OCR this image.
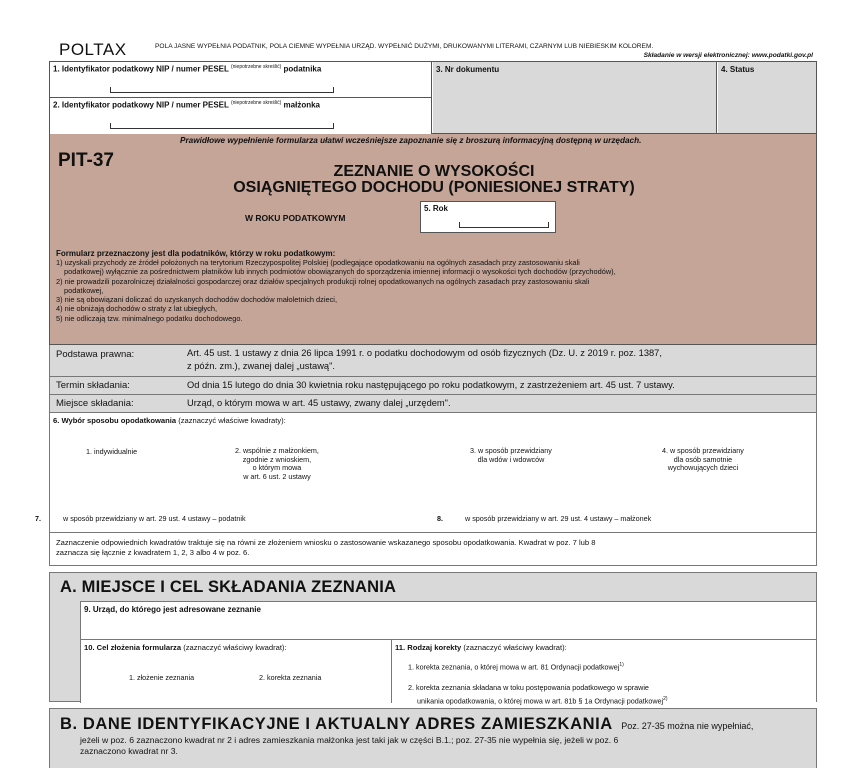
POLTAX	POLA JASNE WYPEŁNIA PODATNIK, POLA CIEMNE WYPEŁNIA URZĄD. WYPEŁNIĆ DUŻYMI, DRUKOWANYMI LITERAMI, CZARNYM LUB NIEBIESKIM KOLOREM.
Składanie w wersji elektronicznej: www.podatki.gov.pl
1. Identyfikator podatkowy NIP / numer PESEL $^{(niepotrzebne skreślić)}$ podatnika
2. Identyfikator podatkowy NIP / numer PESEL $^{(niepotrzebne skreślić)}$ małżonka
3. Nr dokumentu	4. Status
Prawidłowe wypełnienie formularza ułatwi wcześniejsze zapoznanie się z broszurą informacyjną dostępną w urzędach.
PIT-37
ZEZNANIE O WYSOKOŚCI
OSIĄGNIĘTEGO DOCHODU (PONIESIONEJ STRATY)
W ROKU PODATKOWYM
5. Rok
Formularz przeznaczony jest dla podatników, którzy w roku podatkowym:
1) uzyskali przychody ze źródeł położonych na terytorium Rzeczypospolitej Polskiej (podlegające opodatkowaniu na ogólnych zasadach przy zastosowaniu skali
podatkowej) wyłącznie za pośrednictwem płatników lub innych podmiotów obowiązanych do sporządzenia imiennej informacji o wysokości tych dochodów (przychodów),
2) nie prowadzili pozarolniczej działalności gospodarczej oraz działów specjalnych produkcji rolnej opodatkowanych na ogólnych zasadach przy zastosowaniu skali
podatkowej,
3) nie są obowiązani doliczać do uzyskanych dochodów dochodów małoletnich dzieci,
4) nie obniżają dochodów o straty z lat ubiegłych,
5) nie odliczają tzw. minimalnego podatku dochodowego.
Podstawa prawna:	Art. 45 ust. 1 ustawy z dnia 26 lipca 1991 r. o podatku dochodowym od osób fizycznych (Dz. U. z 2019 r. poz. 1387,
z późn. zm.), zwanej dalej „ustawą".
Termin składania:	Od dnia 15 lutego do dnia 30 kwietnia roku następującego po roku podatkowym, z zastrzeżeniem art. 45 ust. 7 ustawy.
Miejsce składania:	Urząd, o którym mowa w art. 45 ustawy, zwany dalej „urzędem".
6. Wybór sposobu opodatkowania (zaznaczyć właściwe kwadraty):
1. indywidualnie	2. wspólnie z małżonkiem,
zgodnie z wnioskiem,
o którym mowa
w art. 6 ust. 2 ustawy
3. w sposób przewidziany
dla wdów i wdowców
4. w sposób przewidziany
dla osób samotnie
wychowujących dzieci
7.	w sposób przewidziany w art. 29 ust. 4 ustawy – podatnik	8.	w sposób przewidziany w art. 29 ust. 4 ustawy – małżonek
Zaznaczenie odpowiednich kwadratów traktuje się na równi ze złożeniem wniosku o zastosowanie wskazanego sposobu opodatkowania. Kwadrat w poz. 7 lub 8
zaznacza się łącznie z kwadratem 1, 2, 3 albo 4 w poz. 6.
A. MIEJSCE I CEL SKŁADANIA ZEZNANIA
9. Urząd, do którego jest adresowane zeznanie
10. Cel złożenia formularza (zaznaczyć właściwy kwadrat):
1. złożenie zeznania	2. korekta zeznania
11. Rodzaj korekty (zaznaczyć właściwy kwadrat):
1. korekta zeznania, o której mowa w art. 81 Ordynacji podatkowej$^{1)}$
2. korekta zeznania składana w toku postępowania podatkowego w sprawie
unikania opodatkowania, o której mowa w art. 81b § 1a Ordynacji podatkowej$^{2)}$
B. DANE IDENTYFIKACYJNE I AKTUALNY ADRES ZAMIESZKANIA Poz. 27-35 można nie wypełniać,
jeżeli w poz. 6 zaznaczono kwadrat nr 2 i adres zamieszkania małżonka jest taki jak w części B.1.; poz. 27-35 nie wypełnia się, jeżeli w poz. 6
zaznaczono kwadrat nr 3.
